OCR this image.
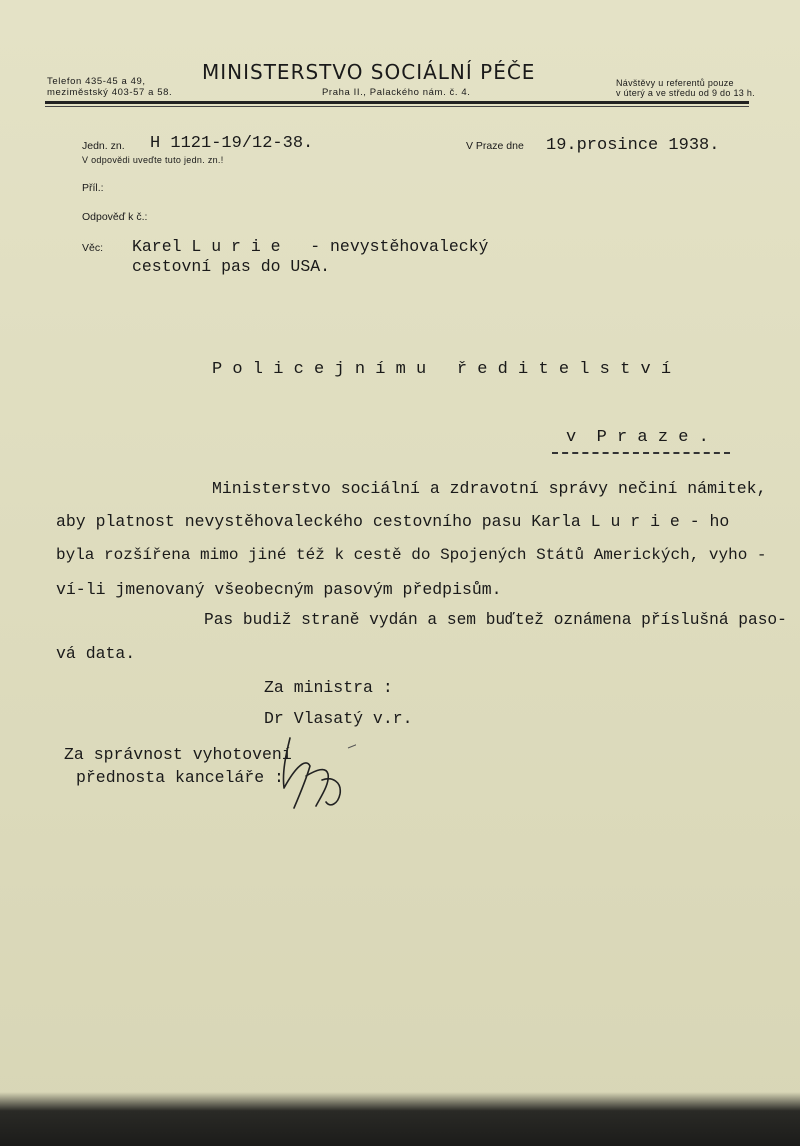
Telefon 435-45 a 49,
meziměstský 403-57 a 58.
MINISTERSTVO SOCIÁLNÍ PÉČE
Praha II., Palackého nám. č. 4.
Návštěvy u referentů pouze
v úterý a ve středu od 9 do 13 h.
Jedn. zn. H 1121-19/12-38.
V odpovědi uveďte tuto jedn. zn.!
V Praze dne 19.prosince 1938.
Příl.:
Odpověď k č.:
Věc: Karel L u r i e   - nevystěhovalecký
cestovní pas do USA.
P o l i c e j n í m u   ř e d i t e l s t v í
v  P r a z e .
Ministerstvo sociální a zdravotní správy nečiní námitek,
aby platnost nevystěhovaleckého cestovního pasu Karla L u r i e - ho
byla rozšířena mimo jiné též k cestě do Spojených Států Amerických, vyho -
ví-li jmenovaný všeobecným pasovým předpisům.
Pas budiž straně vydán a sem buďtež oznámena příslušná paso-
vá data.
Za ministra :
Dr Vlasatý v.r.
Za správnost vyhotovení
přednosta kanceláře :
